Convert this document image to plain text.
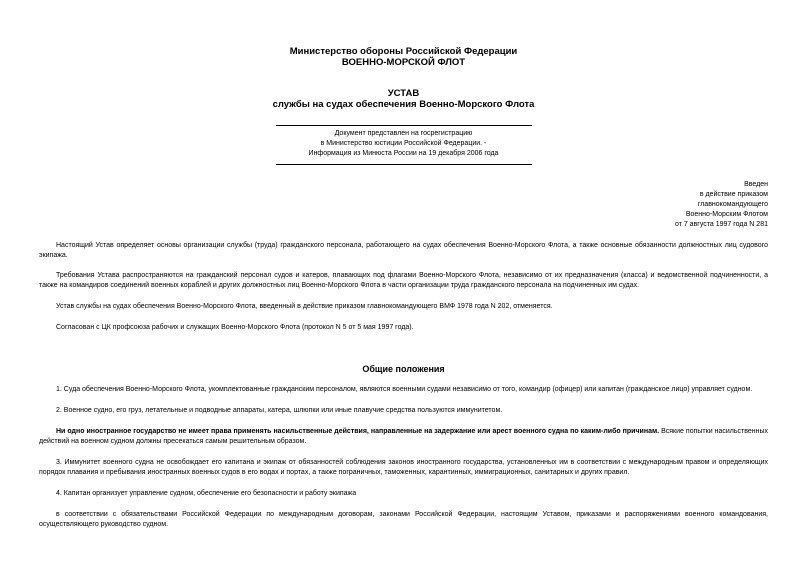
Министерство обороны Российской Федерации
ВОЕННО-МОРСКОЙ ФЛОТ
УСТАВ
службы на судах обеспечения Военно-Морского Флота
Документ представлен на госрегистрацию
в Министерство юстиции Российской Федерации. -
Информация из Минюста России на 19 декабря 2006 года
Введен
в действие приказом
главнокомандующего
Военно-Морским Флотом
от 7 августа 1997 года N 281
Настоящий Устав определяет основы организации службы (труда) гражданского персонала, работающего на судах обеспечения Военно-Морского Флота, а также основные обязанности должностных лиц судового экипажа.
Требования Устава распространяются на гражданский персонал судов и катеров, плавающих под флагами Военно-Морского Флота, независимо от их предназначения (класса) и ведомственной подчиненности, а также на командиров соединений военных кораблей и других должностных лиц Военно-Морского Флота в части организации труда гражданского персонала на подчиненных им судах.
Устав службы на судах обеспечения Военно-Морского Флота, введенный в действие приказом главнокомандующего ВМФ 1978 года N 202, отменяется.
Согласован с ЦК профсоюза рабочих и служащих Военно-Морского Флота (протокол N 5 от 5 мая 1997 года).
Общие положения
1. Суда обеспечения Военно-Морского Флота, укомплектованные гражданским персоналом, являются военными судами независимо от того, командир (офицер) или капитан (гражданское лицо) управляет судном.
2. Военное судно, его груз, летательные и подводные аппараты, катера, шлюпки или иные плавучие средства пользуются иммунитетом.
Ни одно иностранное государство не имеет права применять насильственные действия, направленные на задержание или арест военного судна по каким-либо причинам. Всякие попытки насильственных действий на военном судном должны пресекаться самым решительным образом.
3. Иммунитет военного судна не освобождает его капитана и экипаж от обязанностей соблюдения законов иностранного государства, установленных им в соответствии с международным правом и определяющих порядок плавания и пребывания иностранных военных судов в его водах и портах, а также пограничных, таможенных, карантинных, иммиграционных, санитарных и других правил.
4. Капитан организует управление судном, обеспечение его безопасности и работу экипажа
в соответствии с обязательствами Российской Федерации по международным договорам, законами Российской Федерации, настоящим Уставом, приказами и распоряжениями военного командования, осуществляющего руководство судном.
